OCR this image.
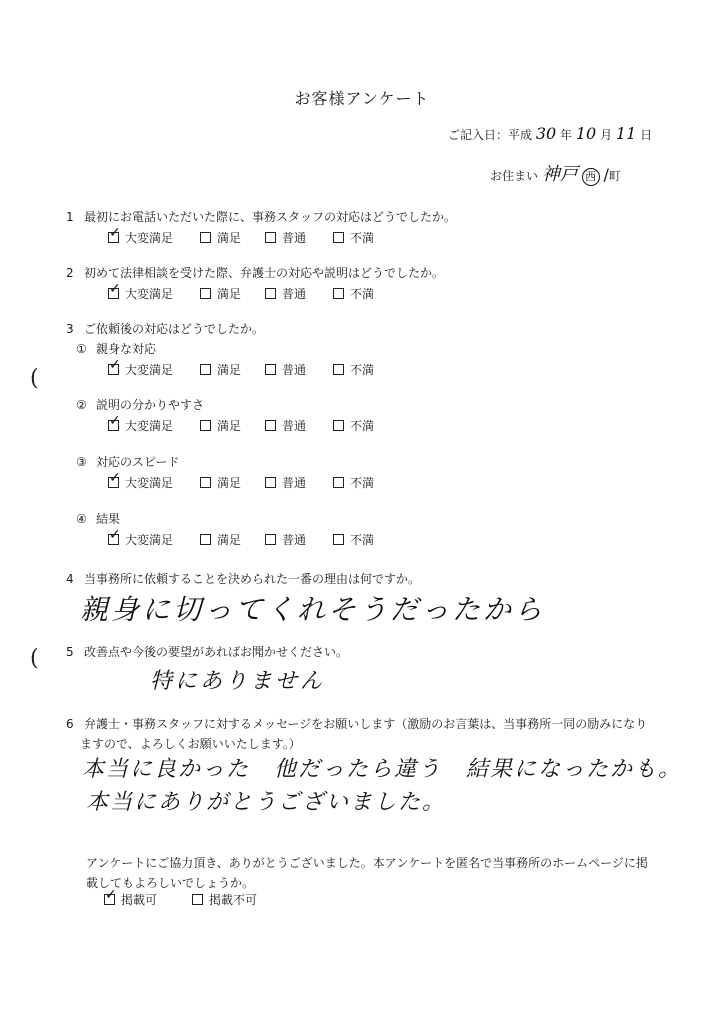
お客様アンケート
ご記入日：平成 30 年 10 月 11 日
お住まい 神戸 西 /町
(
(
1 最初にお電話いただいた際に、事務スタッフの対応はどうでしたか。
✓大変満足	満足	普通	不満
2 初めて法律相談を受けた際、弁護士の対応や説明はどうでしたか。
✓大変満足	満足	普通	不満
3 ご依頼後の対応はどうでしたか。
① 親身な対応
✓大変満足	満足	普通	不満
② 説明の分かりやすさ
✓大変満足	満足	普通	不満
③ 対応のスピード
✓大変満足	満足	普通	不満
④ 結果
✓大変満足	満足	普通	不満
4 当事務所に依頼することを決められた一番の理由は何ですか。
親身に切ってくれそうだったから
5 改善点や今後の要望があればお聞かせください。
特にありません
6 弁護士・事務スタッフに対するメッセージをお願いします（激励のお言葉は、当事務所一同の励みになり
ますので、よろしくお願いいたします。）
本当に良かった　他だったら違う　結果になったかも。
本当にありがとうございました。
アンケートにご協力頂き、ありがとうございました。本アンケートを匿名で当事務所のホームページに掲
載してもよろしいでしょうか。
✓掲載可	掲載不可
